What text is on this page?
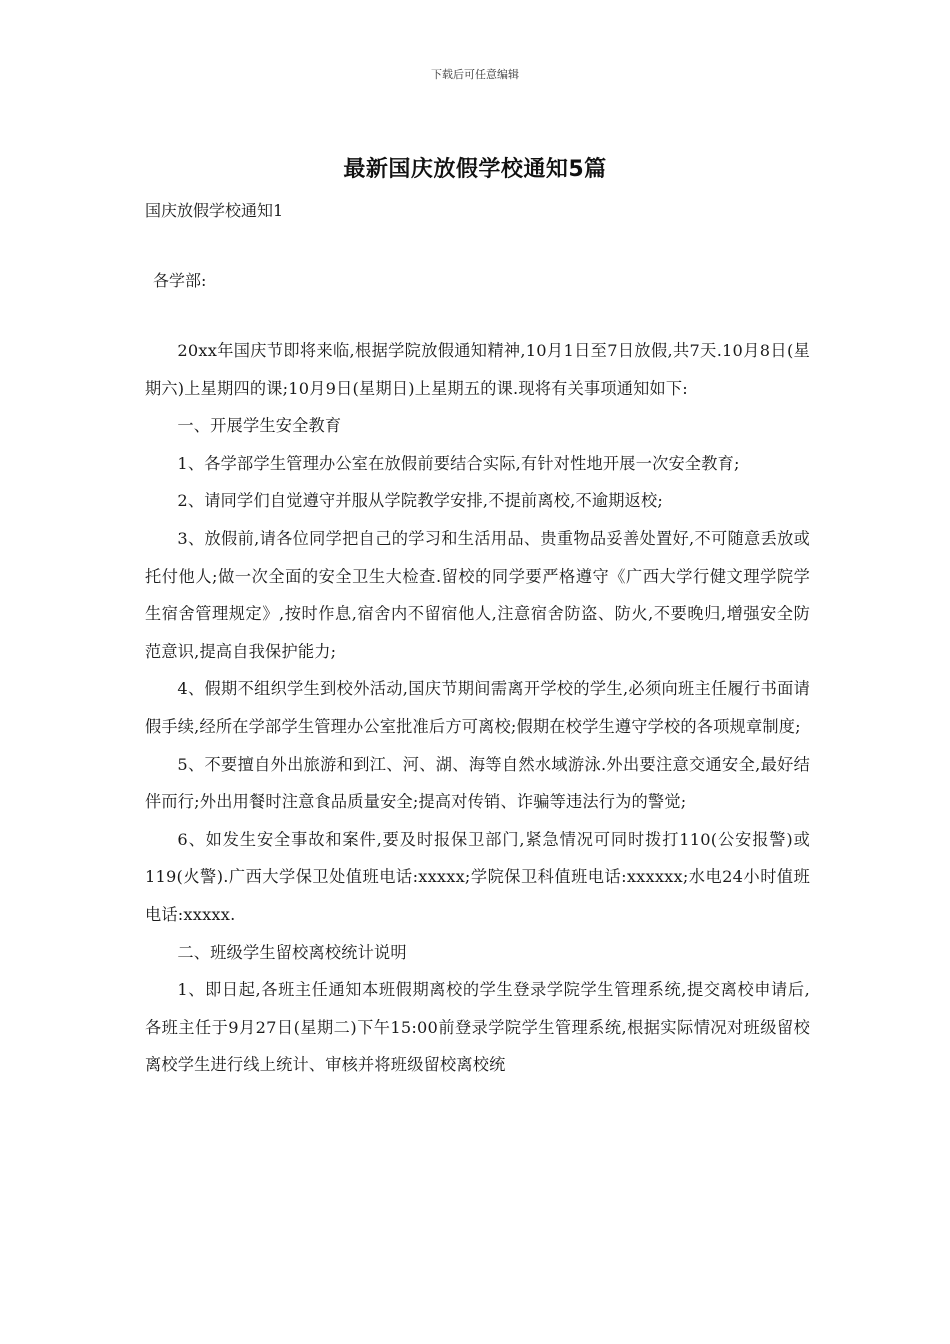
下载后可任意编辑
最新国庆放假学校通知5篇

国庆放假学校通知1

各学部:

20xx年国庆节即将来临,根据学院放假通知精神,10月1日至7日放假,共7天.10月8日(星期六)上星期四的课;10月9日(星期日)上星期五的课.现将有关事项通知如下:

一、开展学生安全教育

1、各学部学生管理办公室在放假前要结合实际,有针对性地开展一次安全教育;

2、请同学们自觉遵守并服从学院教学安排,不提前离校,不逾期返校;

3、放假前,请各位同学把自己的学习和生活用品、贵重物品妥善处置好,不可随意丢放或托付他人;做一次全面的安全卫生大检查.留校的同学要严格遵守《广西大学行健文理学院学生宿舍管理规定》,按时作息,宿舍内不留宿他人,注意宿舍防盗、防火,不要晚归,增强安全防范意识,提高自我保护能力;

4、假期不组织学生到校外活动,国庆节期间需离开学校的学生,必须向班主任履行书面请假手续,经所在学部学生管理办公室批准后方可离校;假期在校学生遵守学校的各项规章制度;

5、不要擅自外出旅游和到江、河、湖、海等自然水域游泳.外出要注意交通安全,最好结伴而行;外出用餐时注意食品质量安全;提高对传销、诈骗等违法行为的警觉;

6、如发生安全事故和案件,要及时报保卫部门,紧急情况可同时拨打110(公安报警)或119(火警).广西大学保卫处值班电话:xxxxx;学院保卫科值班电话:xxxxxx;水电24小时值班电话:xxxxx.

二、班级学生留校离校统计说明

1、即日起,各班主任通知本班假期离校的学生登录学院学生管理系统,提交离校申请后,各班主任于9月27日(星期二)下午15:00前登录学院学生管理系统,根据实际情况对班级留校离校学生进行线上统计、审核并将班级留校离校统
